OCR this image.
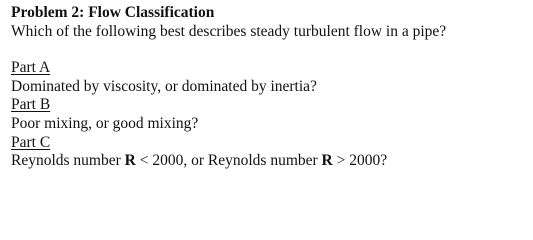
Problem 2: Flow Classification
Which of the following best describes steady turbulent flow in a pipe?
Part A
Dominated by viscosity, or dominated by inertia?
Part B
Poor mixing, or good mixing?
Part C
Reynolds number R < 2000, or Reynolds number R > 2000?
